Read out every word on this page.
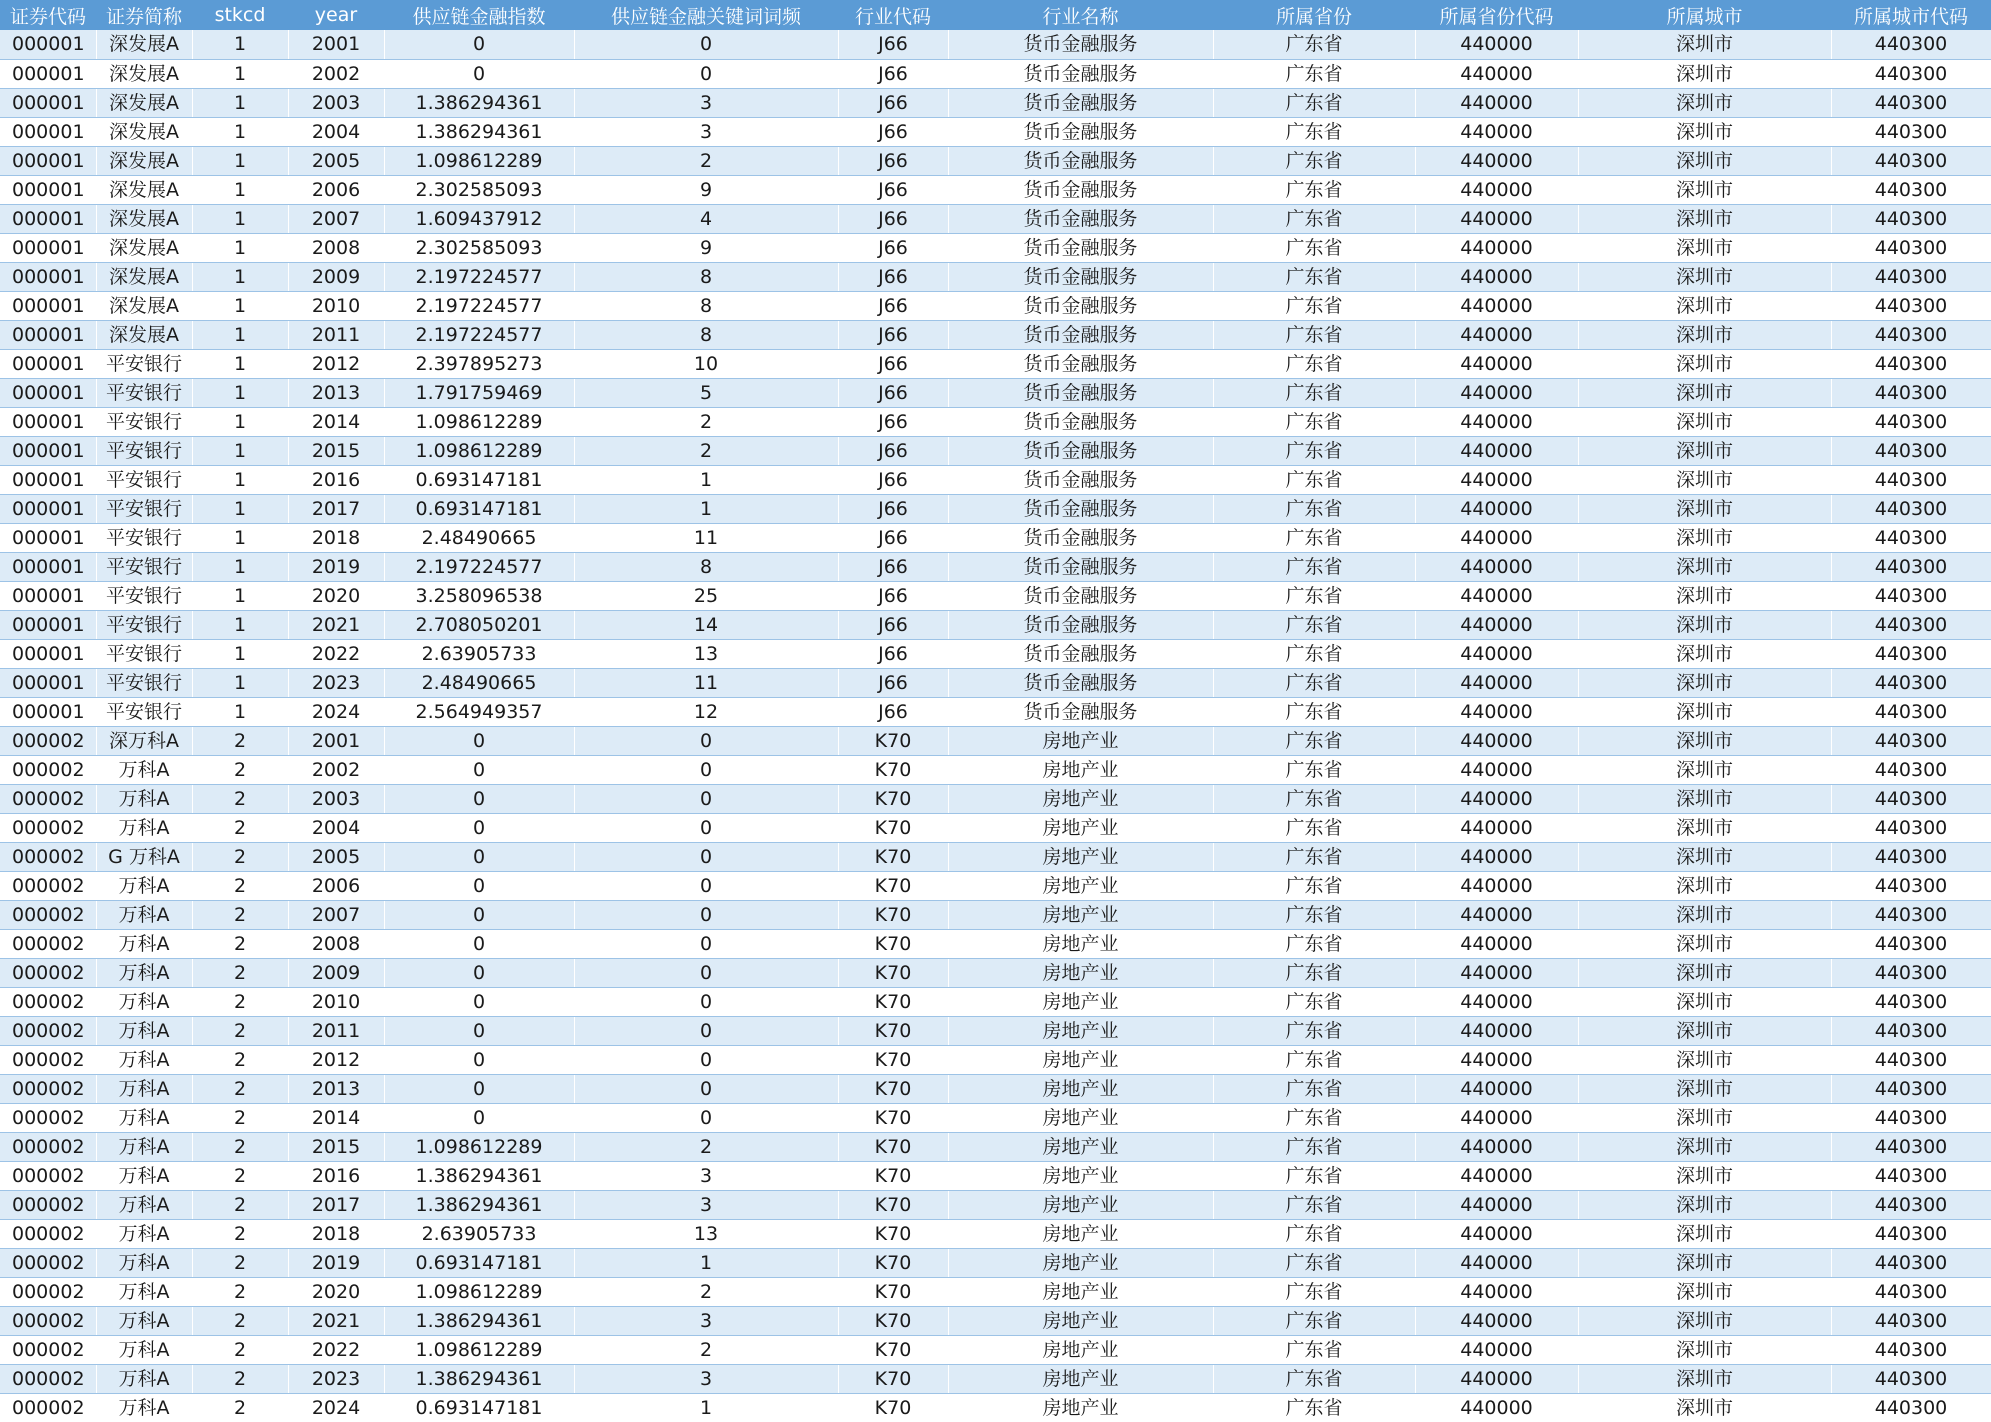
证券代码	证券简称	stkcd	year	供应链金融指数	供应链金融关键词词频	行业代码	行业名称	所属省份	所属省份代码	所属城市	所属城市代码
000001	深发展A	1	2001	0	0	J66	货币金融服务	广东省	440000	深圳市	440300
000001	深发展A	1	2002	0	0	J66	货币金融服务	广东省	440000	深圳市	440300
000001	深发展A	1	2003	1.386294361	3	J66	货币金融服务	广东省	440000	深圳市	440300
000001	深发展A	1	2004	1.386294361	3	J66	货币金融服务	广东省	440000	深圳市	440300
000001	深发展A	1	2005	1.098612289	2	J66	货币金融服务	广东省	440000	深圳市	440300
000001	深发展A	1	2006	2.302585093	9	J66	货币金融服务	广东省	440000	深圳市	440300
000001	深发展A	1	2007	1.609437912	4	J66	货币金融服务	广东省	440000	深圳市	440300
000001	深发展A	1	2008	2.302585093	9	J66	货币金融服务	广东省	440000	深圳市	440300
000001	深发展A	1	2009	2.197224577	8	J66	货币金融服务	广东省	440000	深圳市	440300
000001	深发展A	1	2010	2.197224577	8	J66	货币金融服务	广东省	440000	深圳市	440300
000001	深发展A	1	2011	2.197224577	8	J66	货币金融服务	广东省	440000	深圳市	440300
000001	平安银行	1	2012	2.397895273	10	J66	货币金融服务	广东省	440000	深圳市	440300
000001	平安银行	1	2013	1.791759469	5	J66	货币金融服务	广东省	440000	深圳市	440300
000001	平安银行	1	2014	1.098612289	2	J66	货币金融服务	广东省	440000	深圳市	440300
000001	平安银行	1	2015	1.098612289	2	J66	货币金融服务	广东省	440000	深圳市	440300
000001	平安银行	1	2016	0.693147181	1	J66	货币金融服务	广东省	440000	深圳市	440300
000001	平安银行	1	2017	0.693147181	1	J66	货币金融服务	广东省	440000	深圳市	440300
000001	平安银行	1	2018	2.48490665	11	J66	货币金融服务	广东省	440000	深圳市	440300
000001	平安银行	1	2019	2.197224577	8	J66	货币金融服务	广东省	440000	深圳市	440300
000001	平安银行	1	2020	3.258096538	25	J66	货币金融服务	广东省	440000	深圳市	440300
000001	平安银行	1	2021	2.708050201	14	J66	货币金融服务	广东省	440000	深圳市	440300
000001	平安银行	1	2022	2.63905733	13	J66	货币金融服务	广东省	440000	深圳市	440300
000001	平安银行	1	2023	2.48490665	11	J66	货币金融服务	广东省	440000	深圳市	440300
000001	平安银行	1	2024	2.564949357	12	J66	货币金融服务	广东省	440000	深圳市	440300
000002	深万科A	2	2001	0	0	K70	房地产业	广东省	440000	深圳市	440300
000002	万科A	2	2002	0	0	K70	房地产业	广东省	440000	深圳市	440300
000002	万科A	2	2003	0	0	K70	房地产业	广东省	440000	深圳市	440300
000002	万科A	2	2004	0	0	K70	房地产业	广东省	440000	深圳市	440300
000002	G 万科A	2	2005	0	0	K70	房地产业	广东省	440000	深圳市	440300
000002	万科A	2	2006	0	0	K70	房地产业	广东省	440000	深圳市	440300
000002	万科A	2	2007	0	0	K70	房地产业	广东省	440000	深圳市	440300
000002	万科A	2	2008	0	0	K70	房地产业	广东省	440000	深圳市	440300
000002	万科A	2	2009	0	0	K70	房地产业	广东省	440000	深圳市	440300
000002	万科A	2	2010	0	0	K70	房地产业	广东省	440000	深圳市	440300
000002	万科A	2	2011	0	0	K70	房地产业	广东省	440000	深圳市	440300
000002	万科A	2	2012	0	0	K70	房地产业	广东省	440000	深圳市	440300
000002	万科A	2	2013	0	0	K70	房地产业	广东省	440000	深圳市	440300
000002	万科A	2	2014	0	0	K70	房地产业	广东省	440000	深圳市	440300
000002	万科A	2	2015	1.098612289	2	K70	房地产业	广东省	440000	深圳市	440300
000002	万科A	2	2016	1.386294361	3	K70	房地产业	广东省	440000	深圳市	440300
000002	万科A	2	2017	1.386294361	3	K70	房地产业	广东省	440000	深圳市	440300
000002	万科A	2	2018	2.63905733	13	K70	房地产业	广东省	440000	深圳市	440300
000002	万科A	2	2019	0.693147181	1	K70	房地产业	广东省	440000	深圳市	440300
000002	万科A	2	2020	1.098612289	2	K70	房地产业	广东省	440000	深圳市	440300
000002	万科A	2	2021	1.386294361	3	K70	房地产业	广东省	440000	深圳市	440300
000002	万科A	2	2022	1.098612289	2	K70	房地产业	广东省	440000	深圳市	440300
000002	万科A	2	2023	1.386294361	3	K70	房地产业	广东省	440000	深圳市	440300
000002	万科A	2	2024	0.693147181	1	K70	房地产业	广东省	440000	深圳市	440300
